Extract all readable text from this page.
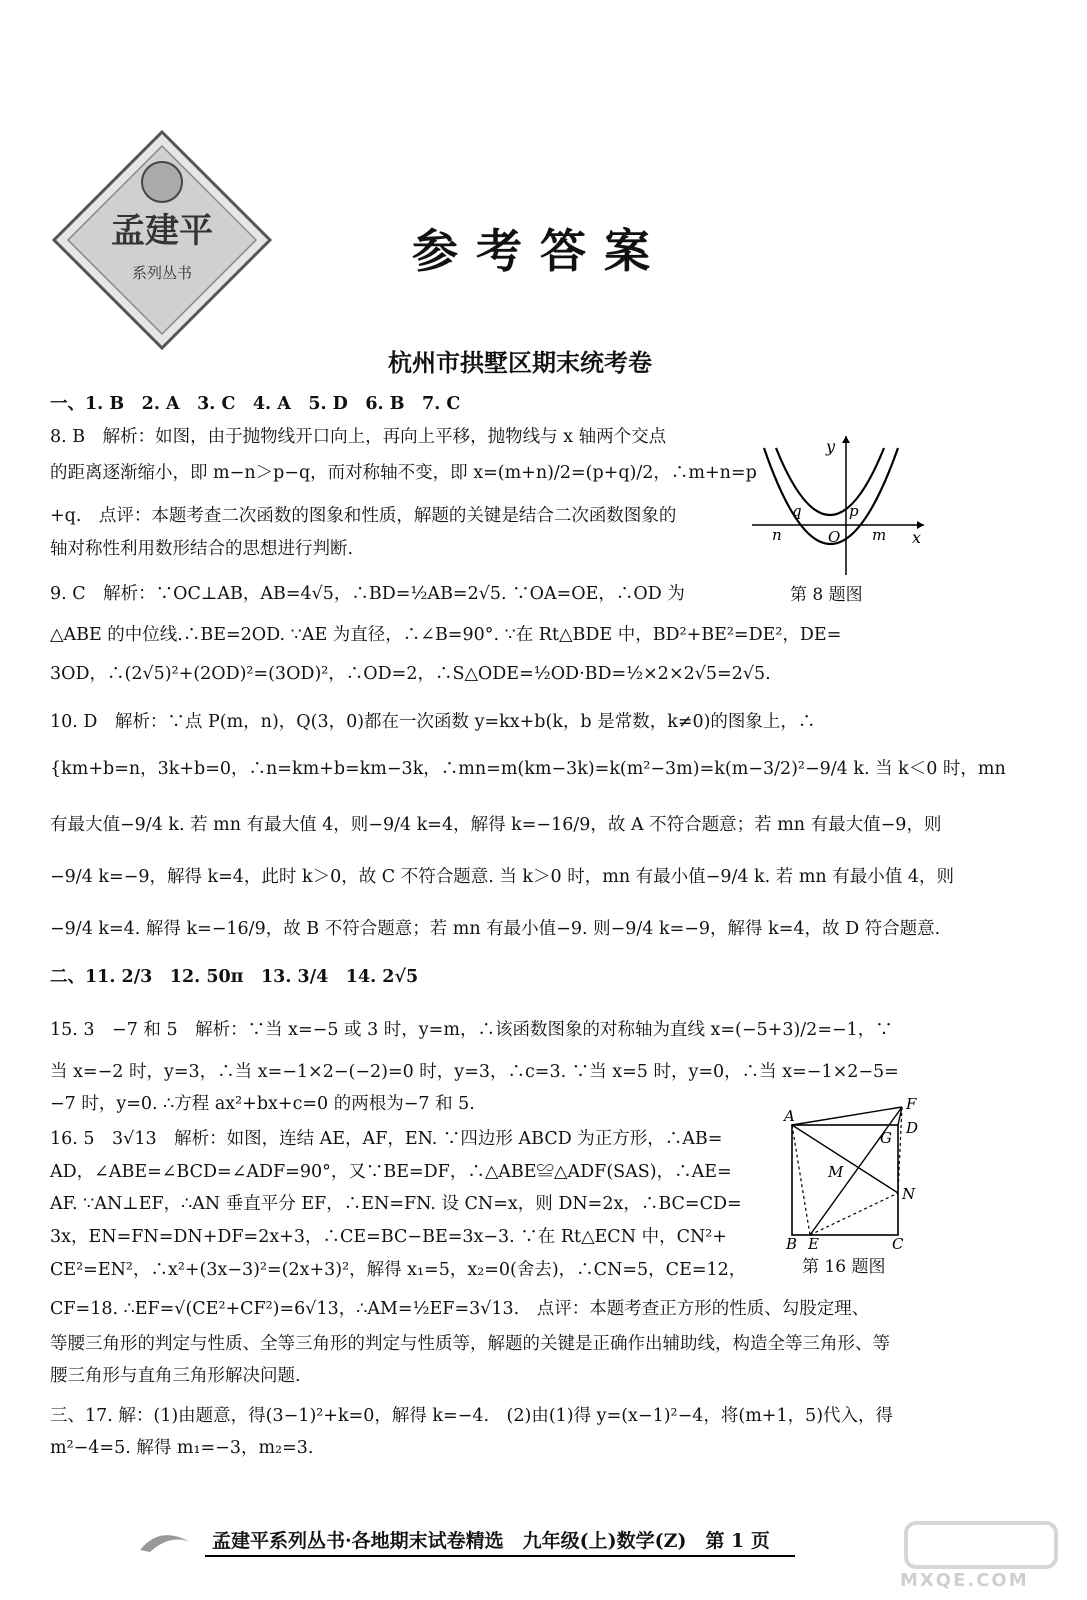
孟建平
系列丛书	参考答案
杭州市拱墅区期末统考卷
一、1. B　2. A　3. C　4. A　5. D　6. B　7. C
8. B　解析：如图，由于抛物线开口向上，再向上平移，抛物线与 x 轴两个交点
的距离逐渐缩小，即 m−n＞p−q，而对称轴不变，即 x=(m+n)/2=(p+q)/2，∴m+n=p
+q.　点评：本题考查二次函数的图象和性质，解题的关键是结合二次函数图象的
轴对称性利用数形结合的思想进行判断.
9. C　解析：∵OC⊥AB，AB=4√5，∴BD=½AB=2√5. ∵OA=OE，∴OD 为
△ABE 的中位线.∴BE=2OD. ∵AE 为直径，∴∠B=90°. ∵在 Rt△BDE 中，BD²+BE²=DE²，DE=
3OD，∴(2√5)²+(2OD)²=(3OD)²，∴OD=2，∴S△ODE=½OD·BD=½×2×2√5=2√5.
10. D　解析：∵点 P(m，n)，Q(3，0)都在一次函数 y=kx+b(k，b 是常数，k≠0)的图象上，∴
{km+b=n，3k+b=0，∴n=km+b=km−3k，∴mn=m(km−3k)=k(m²−3m)=k(m−3/2)²−9/4 k. 当 k＜0 时，mn
有最大值−9/4 k. 若 mn 有最大值 4，则−9/4 k=4，解得 k=−16/9，故 A 不符合题意；若 mn 有最大值−9，则
−9/4 k=−9，解得 k=4，此时 k＞0，故 C 不符合题意. 当 k＞0 时，mn 有最小值−9/4 k. 若 mn 有最小值 4，则
−9/4 k=4. 解得 k=−16/9，故 B 不符合题意；若 mn 有最小值−9. 则−9/4 k=−9，解得 k=4，故 D 符合题意.
二、11. 2/3　12. 50π　13. 3/4　14. 2√5
15. 3　−7 和 5　解析：∵当 x=−5 或 3 时，y=m，∴该函数图象的对称轴为直线 x=(−5+3)/2=−1，∵
当 x=−2 时，y=3，∴当 x=−1×2−(−2)=0 时，y=3，∴c=3. ∵当 x=5 时，y=0，∴当 x=−1×2−5=
−7 时，y=0. ∴方程 ax²+bx+c=0 的两根为−7 和 5.
16. 5　3√13　解析：如图，连结 AE，AF，EN. ∵四边形 ABCD 为正方形，∴AB=
AD，∠ABE=∠BCD=∠ADF=90°，又∵BE=DF，∴△ABE≌△ADF(SAS)，∴AE=
AF. ∵AN⊥EF，∴AN 垂直平分 EF，∴EN=FN. 设 CN=x，则 DN=2x，∴BC=CD=
3x，EN=FN=DN+DF=2x+3，∴CE=BC−BE=3x−3. ∵在 Rt△ECN 中，CN²+
CE²=EN²，∴x²+(3x−3)²=(2x+3)²，解得 x₁=5，x₂=0(舍去)，∴CN=5，CE=12，
CF=18. ∴EF=√(CE²+CF²)=6√13，∴AM=½EF=3√13.　点评：本题考查正方形的性质、勾股定理、
等腰三角形的判定与性质、全等三角形的判定与性质等，解题的关键是正确作出辅助线，构造全等三角形、等
腰三角形与直角三角形解决问题.
三、17. 解：(1)由题意，得(3−1)²+k=0，解得 k=−4.　(2)由(1)得 y=(x−1)²−4，将(m+1，5)代入，得
m²−4=5. 解得 m₁=−3，m₂=3.
y
x
q	p
n	O m
第 8 题图
A
F
D
G
M
N
B E	C
第 16 题图
孟建平系列丛书·各地期末试卷精选　九年级(上)数学(Z)　第 1 页
MXQE.COM
